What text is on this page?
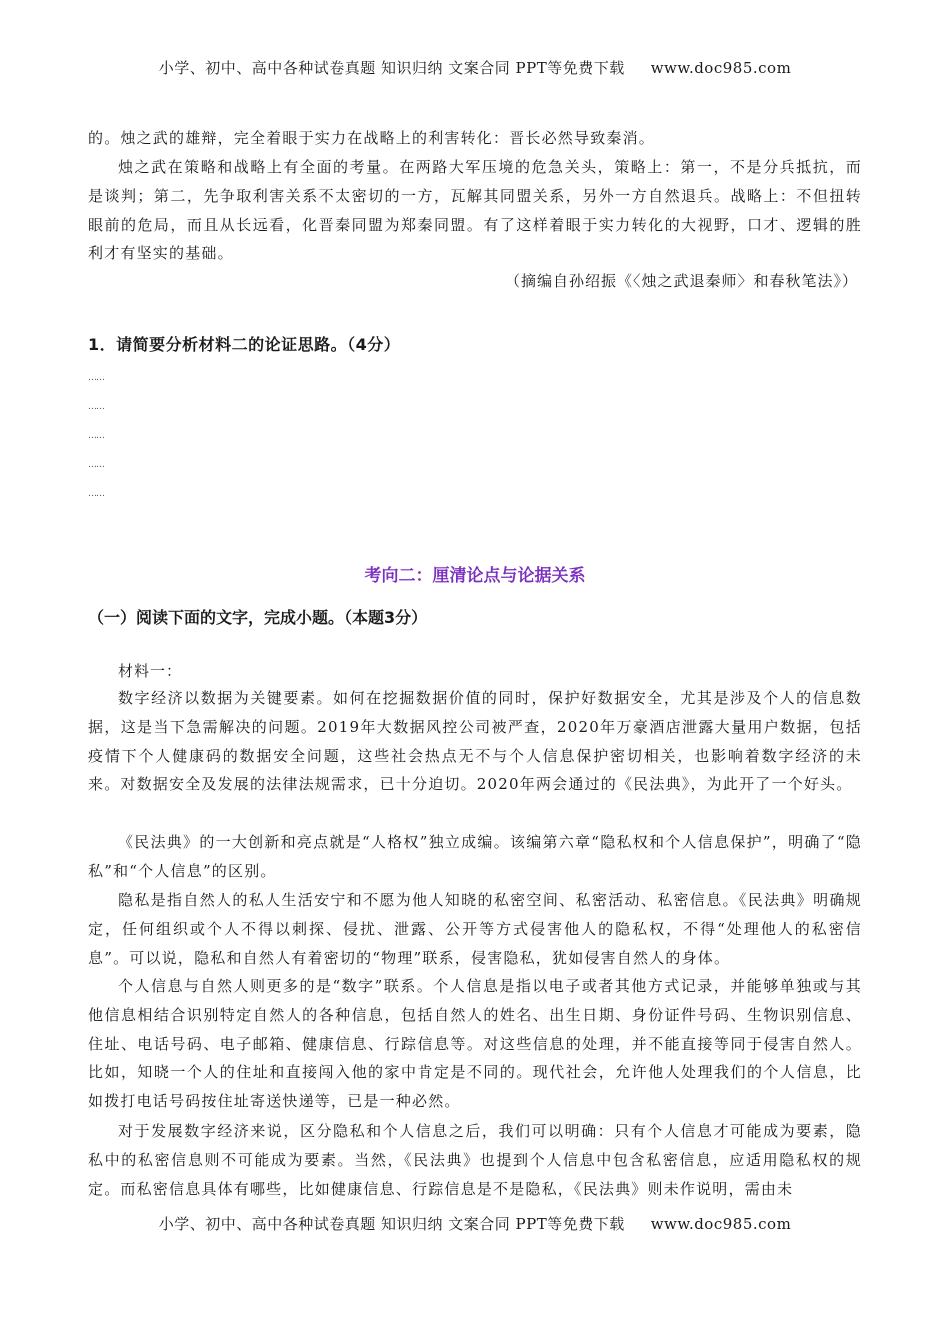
小学、初中、高中各种试卷真题 知识归纳 文案合同 PPT等免费下载 www.doc985.com
的。烛之武的雄辩，完全着眼于实力在战略上的利害转化：晋长必然导致秦消。
烛之武在策略和战略上有全面的考量。在两路大军压境的危急关头，策略上：第一，不是分兵抵抗，而是谈判；第二，先争取利害关系不太密切的一方，瓦解其同盟关系，另外一方自然退兵。战略上：不但扭转眼前的危局，而且从长远看，化晋秦同盟为郑秦同盟。有了这样着眼于实力转化的大视野，口才、逻辑的胜利才有坚实的基础。
（摘编自孙绍振《〈烛之武退秦师〉和春秋笔法》）
1．请简要分析材料二的论证思路。（4分）
……
……
……
……
……
考向二：厘清论点与论据关系
（一）阅读下面的文字，完成小题。（本题3分）
材料一：
数字经济以数据为关键要素。如何在挖掘数据价值的同时，保护好数据安全，尤其是涉及个人的信息数据，这是当下急需解决的问题。2019年大数据风控公司被严查，2020年万豪酒店泄露大量用户数据，包括疫情下个人健康码的数据安全问题，这些社会热点无不与个人信息保护密切相关，也影响着数字经济的未来。对数据安全及发展的法律法规需求，已十分迫切。2020年两会通过的《民法典》，为此开了一个好头。
《民法典》的一大创新和亮点就是“人格权”独立成编。该编第六章“隐私权和个人信息保护”，明确了“隐私”和“个人信息”的区别。
隐私是指自然人的私人生活安宁和不愿为他人知晓的私密空间、私密活动、私密信息。《民法典》明确规定，任何组织或个人不得以刺探、侵扰、泄露、公开等方式侵害他人的隐私权，不得“处理他人的私密信息”。可以说，隐私和自然人有着密切的“物理”联系，侵害隐私，犹如侵害自然人的身体。
个人信息与自然人则更多的是“数字”联系。个人信息是指以电子或者其他方式记录，并能够单独或与其他信息相结合识别特定自然人的各种信息，包括自然人的姓名、出生日期、身份证件号码、生物识别信息、住址、电话号码、电子邮箱、健康信息、行踪信息等。对这些信息的处理，并不能直接等同于侵害自然人。比如，知晓一个人的住址和直接闯入他的家中肯定是不同的。现代社会，允许他人处理我们的个人信息，比如拨打电话号码按住址寄送快递等，已是一种必然。
对于发展数字经济来说，区分隐私和个人信息之后，我们可以明确：只有个人信息才可能成为要素，隐私中的私密信息则不可能成为要素。当然，《民法典》也提到个人信息中包含私密信息，应适用隐私权的规定。而私密信息具体有哪些，比如健康信息、行踪信息是不是隐私，《民法典》则未作说明，需由未
小学、初中、高中各种试卷真题 知识归纳 文案合同 PPT等免费下载 www.doc985.com
